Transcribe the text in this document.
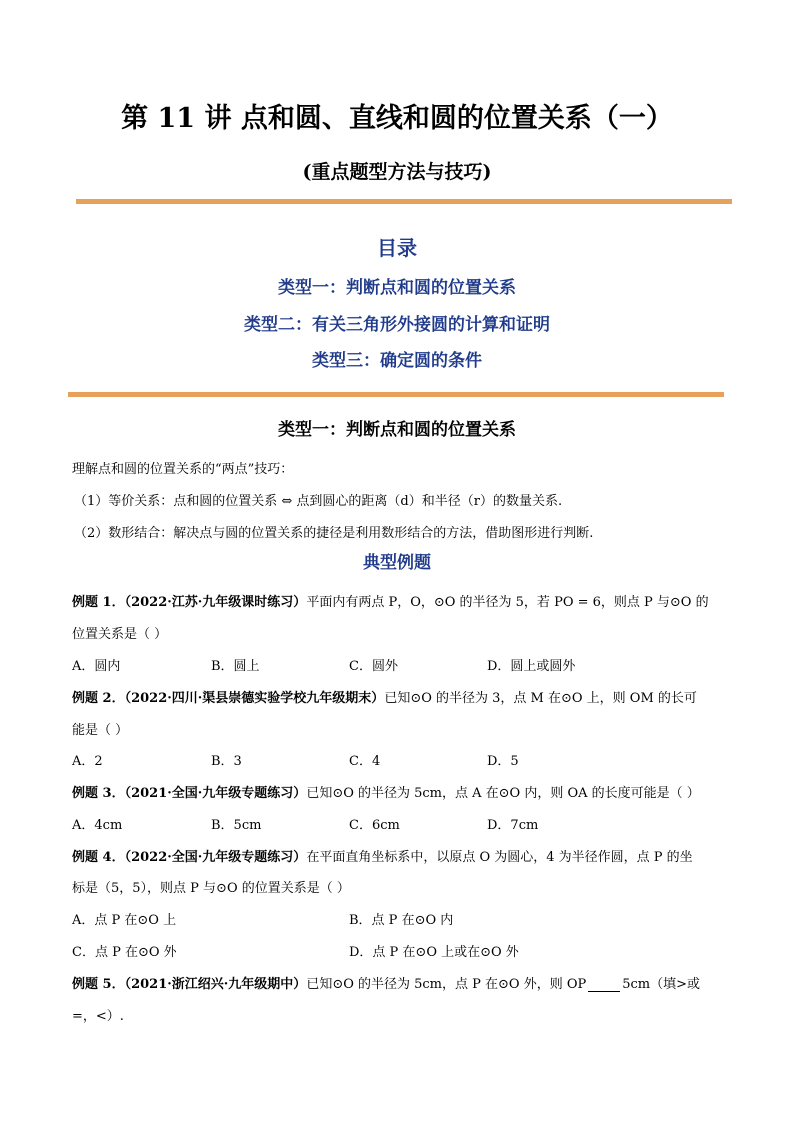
第 11 讲 点和圆、直线和圆的位置关系（一）
(重点题型方法与技巧)
目录
类型一：判断点和圆的位置关系
类型二：有关三角形外接圆的计算和证明
类型三：确定圆的条件
类型一：判断点和圆的位置关系
理解点和圆的位置关系的“两点”技巧：
（1）等价关系：点和圆的位置关系 ⇔ 点到圆心的距离（d）和半径（r）的数量关系.
（2）数形结合：解决点与圆的位置关系的捷径是利用数形结合的方法，借助图形进行判断.
典型例题
例题 1．（2022·江苏·九年级课时练习）平面内有两点 P，O，⊙O 的半径为 5，若 PO = 6，则点 P 与⊙O 的
位置关系是（ ）
A．圆内	B．圆上	C．圆外	D．圆上或圆外
例题 2．（2022·四川·渠县崇德实验学校九年级期末）已知⊙O 的半径为 3，点 M 在⊙O 上，则 OM 的长可
能是（ ）
A．2	B．3	C．4	D．5
例题 3．（2021·全国·九年级专题练习）已知⊙O 的半径为 5cm，点 A 在⊙O 内，则 OA 的长度可能是（ ）
A．4cm	B．5cm	C．6cm	D．7cm
例题 4．（2022·全国·九年级专题练习）在平面直角坐标系中，以原点 O 为圆心，4 为半径作圆，点 P 的坐
标是（5，5），则点 P 与⊙O 的位置关系是（ ）
A．点 P 在⊙O 上	B．点 P 在⊙O 内
C．点 P 在⊙O 外	D．点 P 在⊙O 上或在⊙O 外
例题 5．（2021·浙江绍兴·九年级期中）已知⊙O 的半径为 5cm，点 P 在⊙O 外，则 OP	5cm（填>或
=，<）.
